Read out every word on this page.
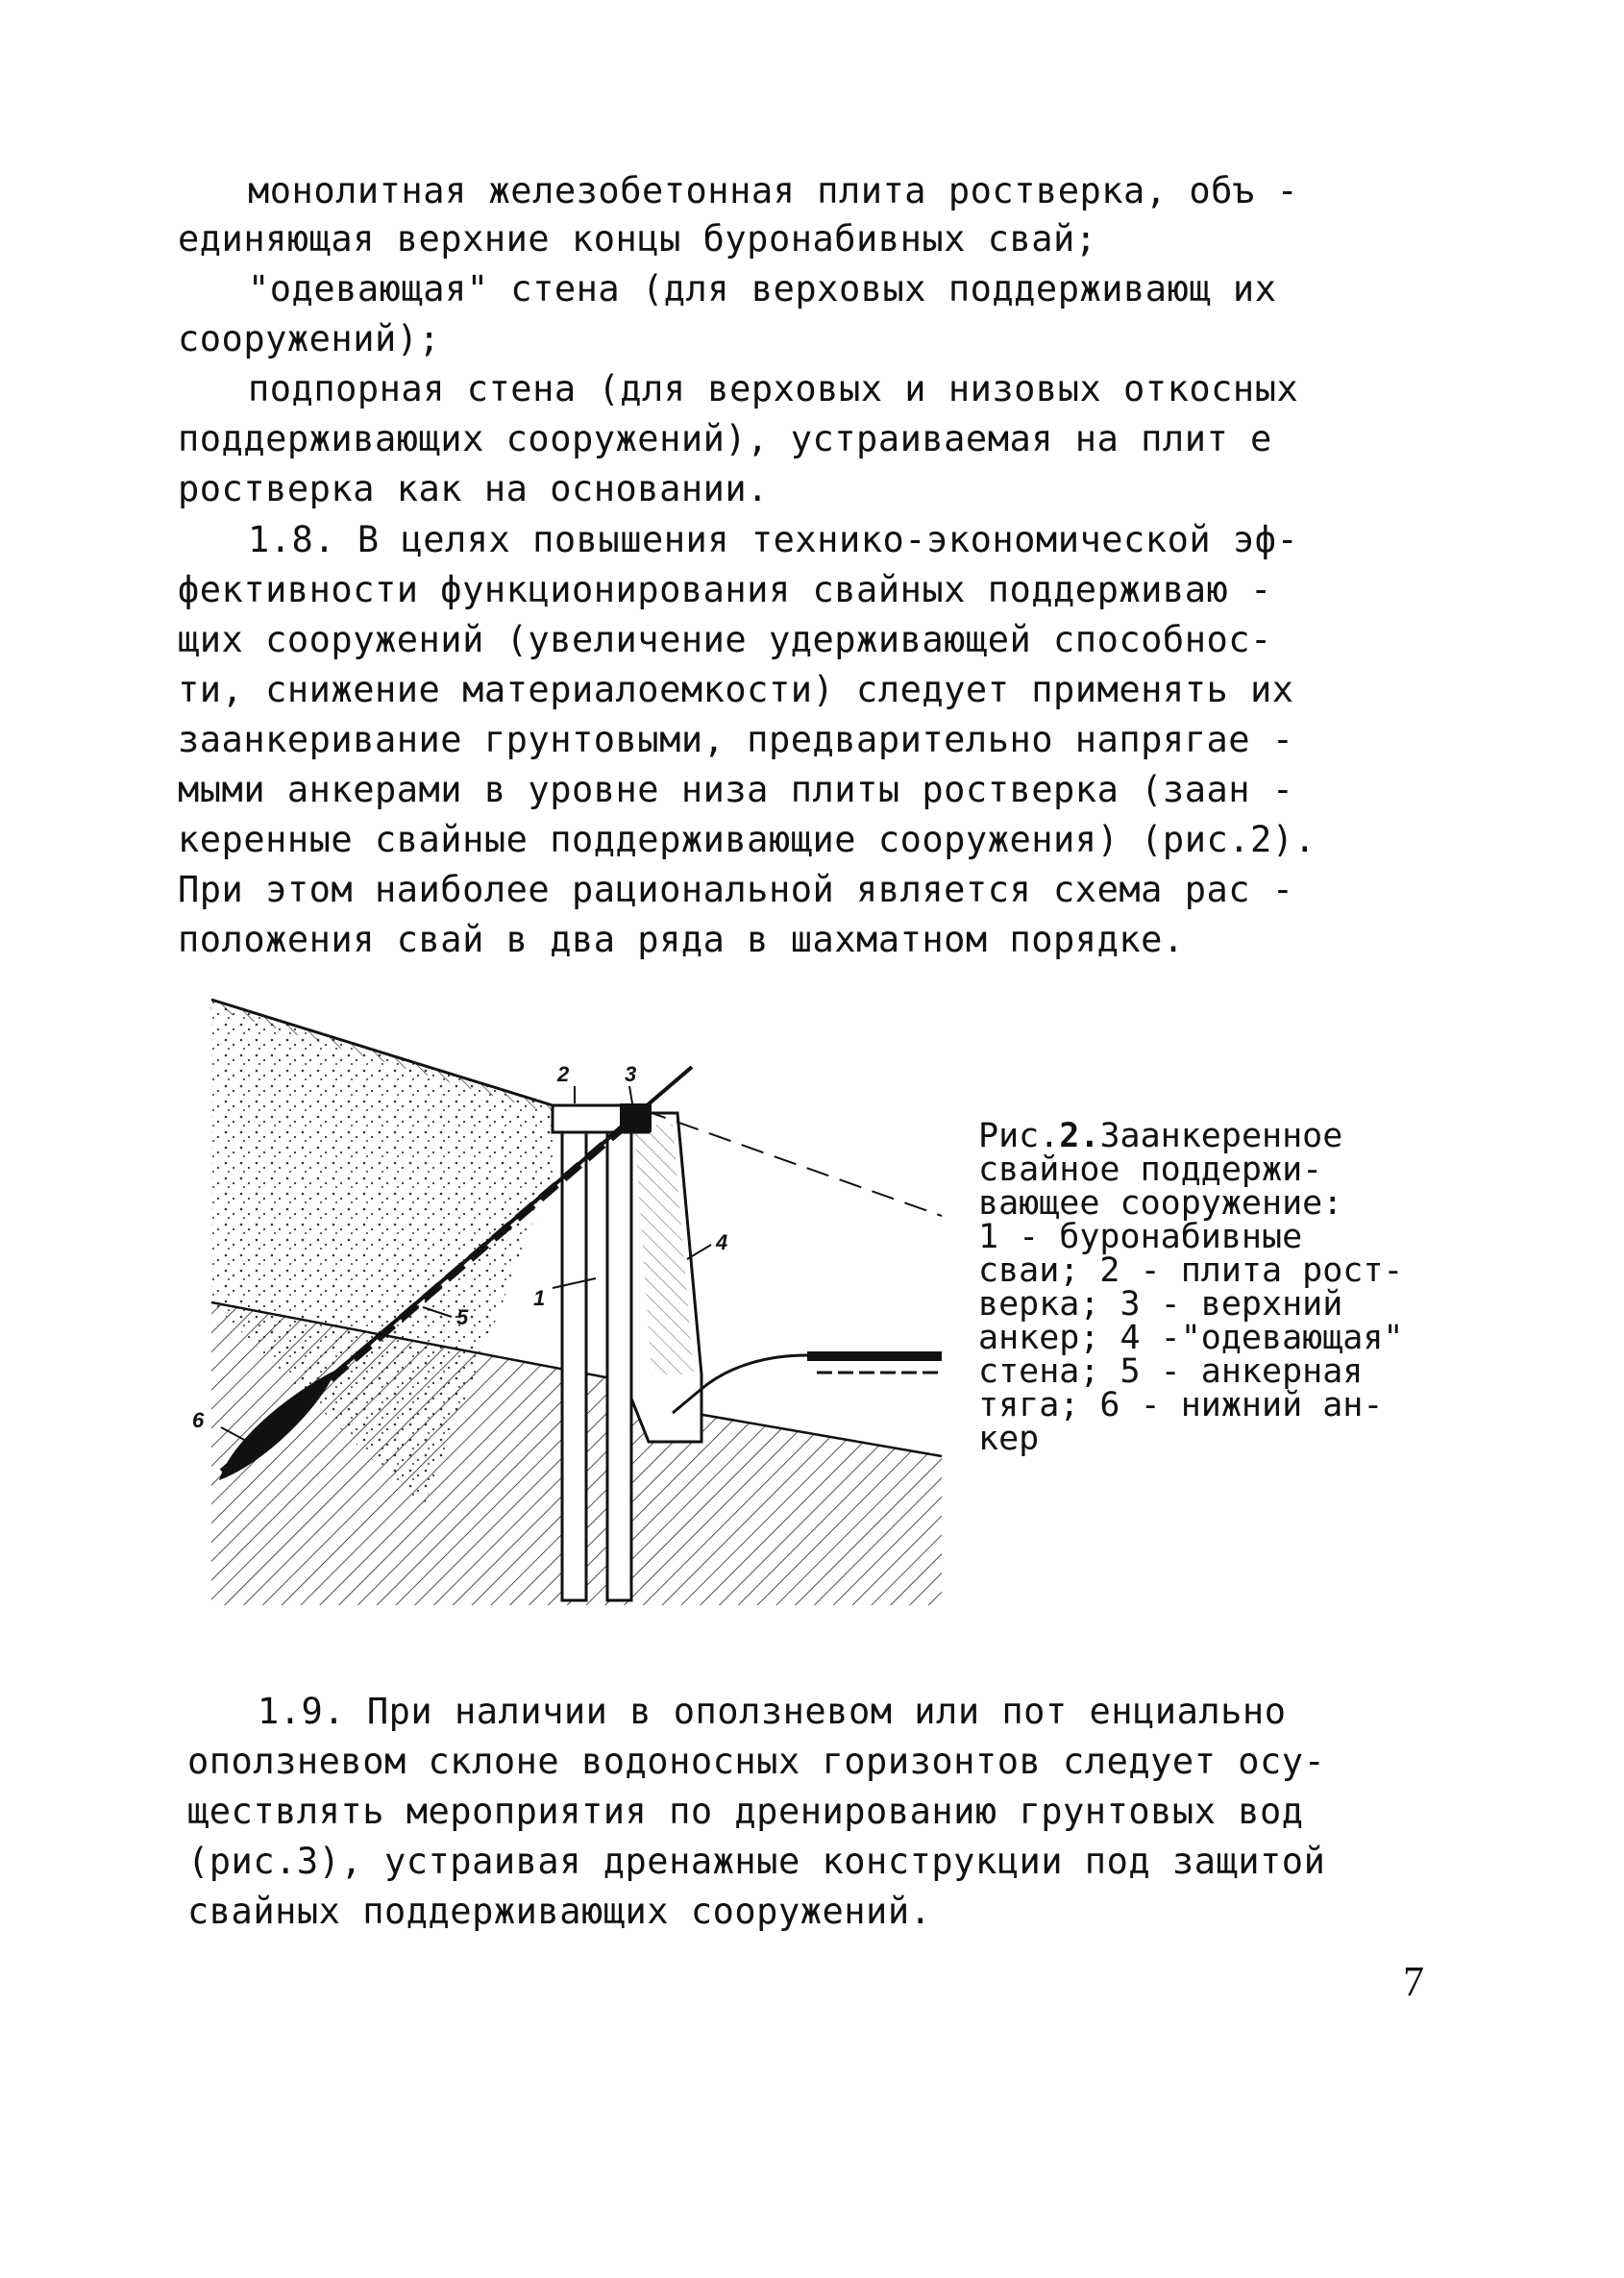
монолитная железобетонная плита ростверка, объ -
единяющая верхние концы буронабивных свай;
"одевающая" стена (для верховых поддерживающ их
сооружений);
подпорная стена (для верховых и низовых откосных
поддерживающих сооружений), устраиваемая на плит е
ростверка как на основании.
1.8. В целях повышения технико-экономической эф-
фективности функционирования свайных поддерживаю -
щих сооружений (увеличение удерживающей способнос-
ти, снижение материалоемкости) следует применять их
заанкеривание грунтовыми, предварительно напрягае -
мыми анкерами в уровне низа плиты ростверка (заан -
керенные свайные поддерживающие сооружения) (рис.2).
При этом наиболее рациональной является схема рас -
положения свай в два ряда в шахматном порядке.
2	3
4
1
5
6
Рис.2.Заанкеренное
свайное поддержи-
вающее сооружение:
1 - буронабивные
сваи; 2 - плита рост-
верка; 3 - верхний
анкер; 4 -"одевающая"
стена; 5 - анкерная
тяга; 6 - нижний ан-
кер
1.9. При наличии в оползневом или пот енциально
оползневом склоне водоносных горизонтов следует осу-
ществлять мероприятия по дренированию грунтовых вод
(рис.3), устраивая дренажные конструкции под защитой
свайных поддерживающих сооружений.
7
